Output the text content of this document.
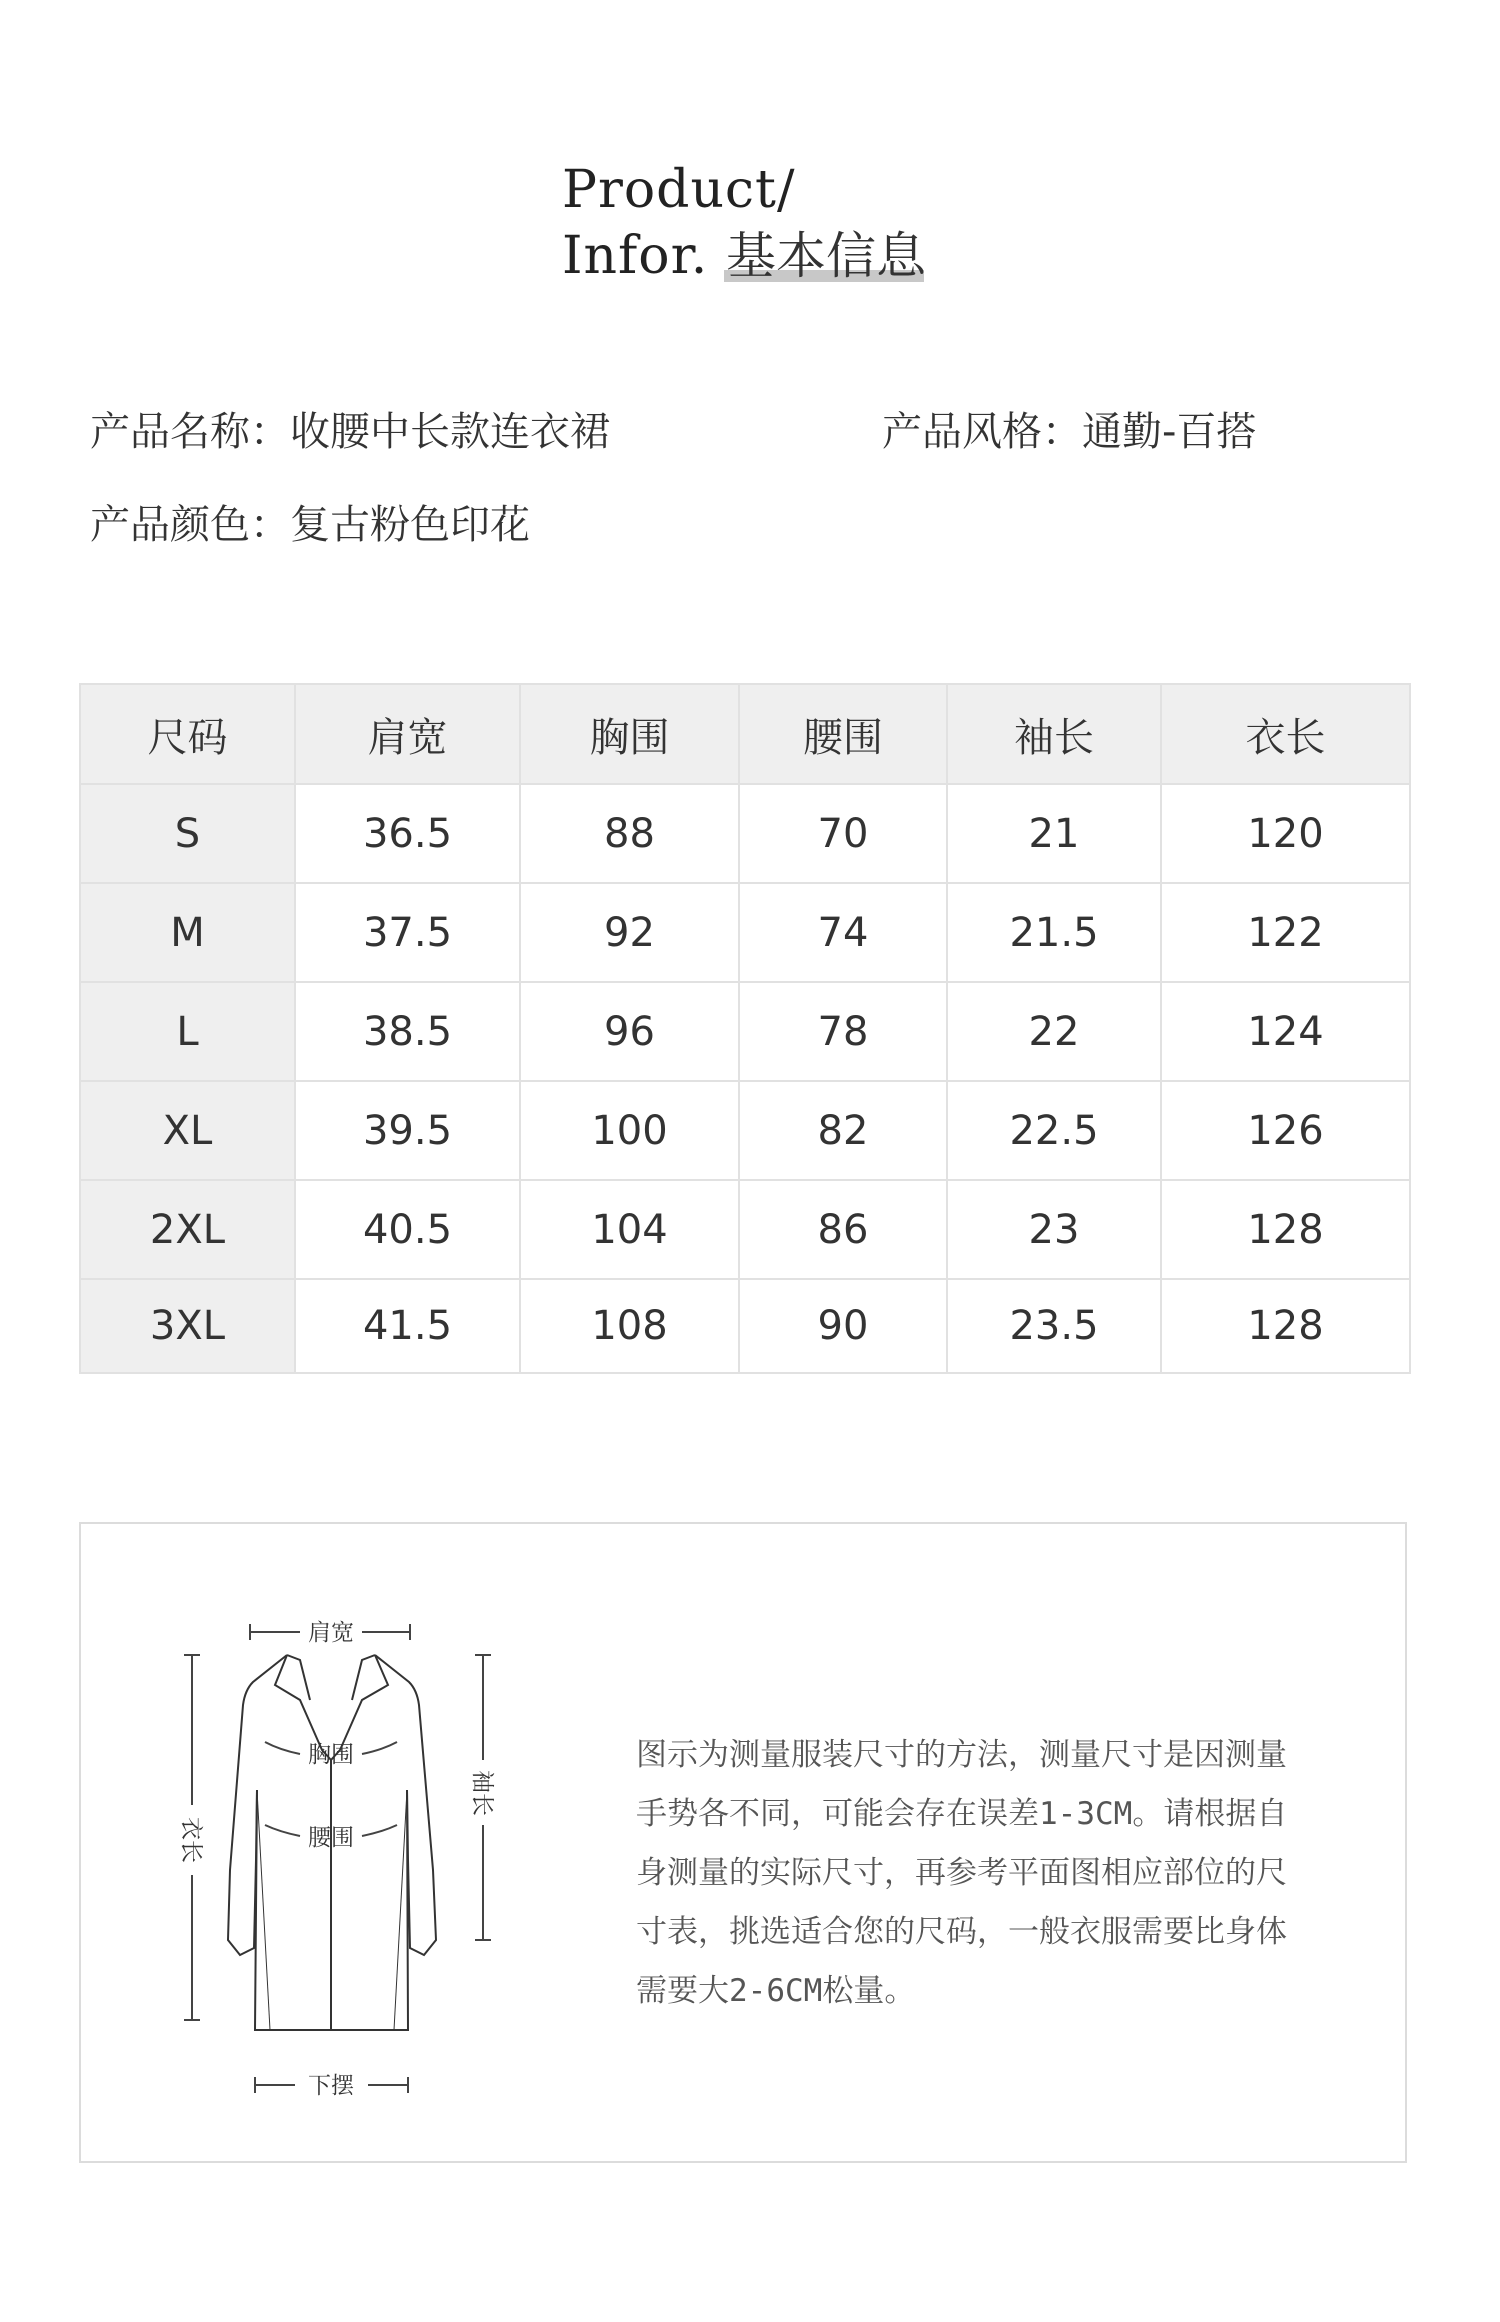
Product/
Infor. 基本信息
产品名称：收腰中长款连衣裙	产品风格：通勤-百搭
产品颜色：复古粉色印花
尺码	肩宽	胸围	腰围	袖长	衣长
S	36.5	88	70	21	120
M	37.5	92	74	21.5	122
L	38.5	96	78	22	124
XL	39.5	100	82	22.5	126
2XL	40.5	104	86	23	128
3XL	41.5	108	90	23.5	128
肩宽
胸围
腰围
衣长
袖长
下摆
图示为测量服装尺寸的方法，测量尺寸是因测量
手势各不同，可能会存在误差1-3CM。请根据自
身测量的实际尺寸，再参考平面图相应部位的尺
寸表，挑选适合您的尺码，一般衣服需要比身体
需要大2-6CM松量。
